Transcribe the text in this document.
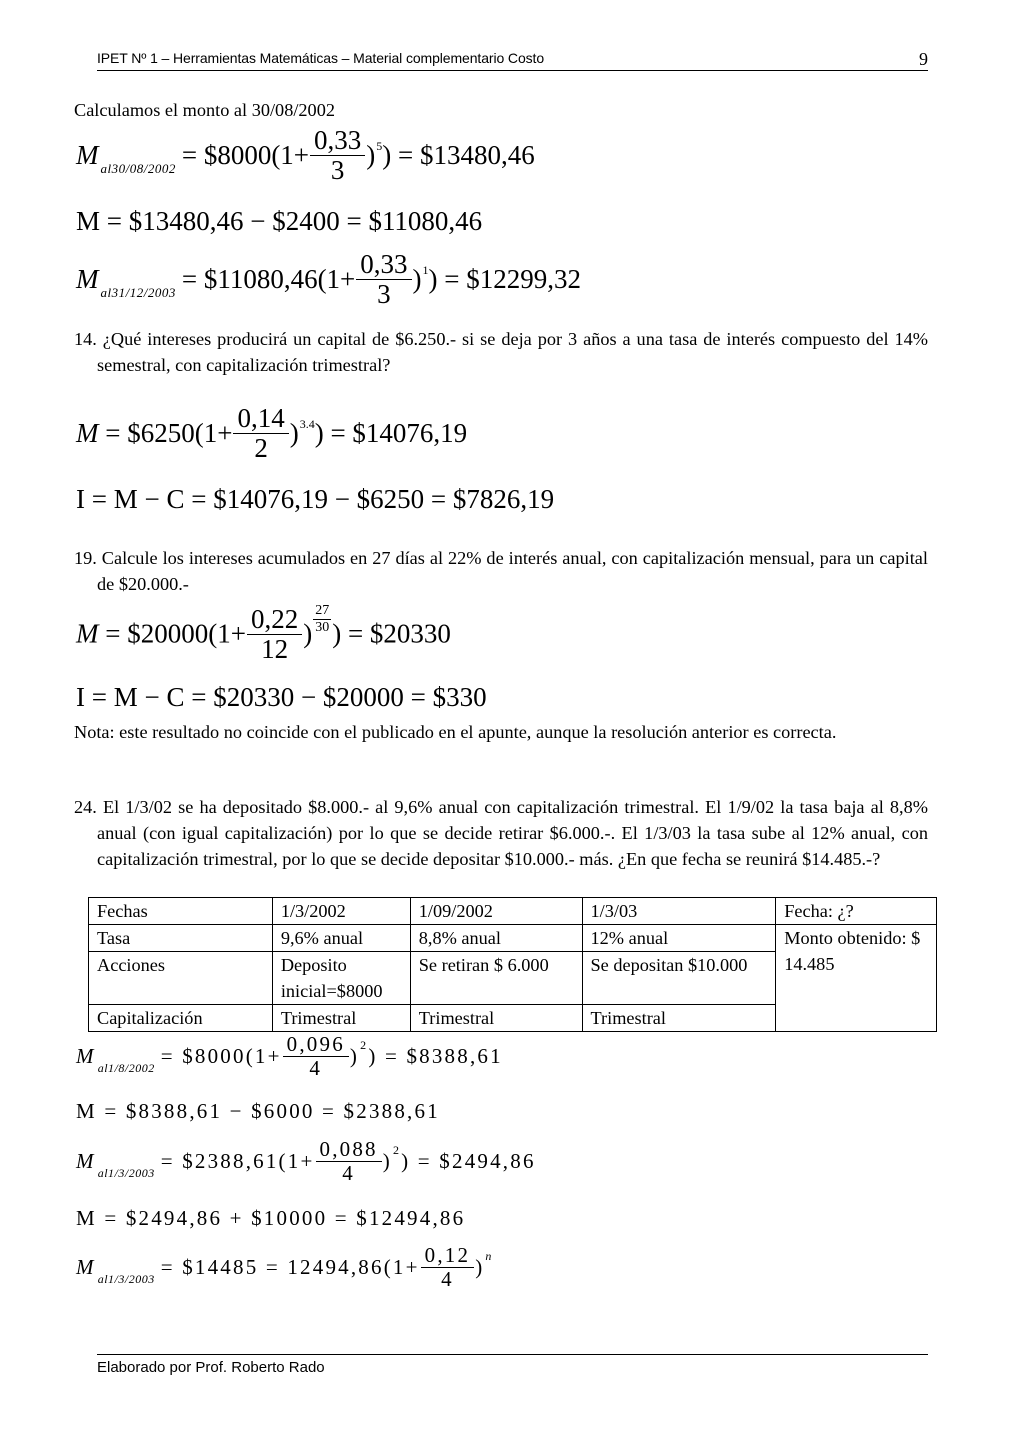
IPET Nº 1 – Herramientas Matemáticas – Material complementario Costo	9
Calculamos el monto al 30/08/2002
M $_{al30/08/2002}$ = $8000(1+ $\frac{0,33}{3} )^5$) = $13480,46
M = $13480,46 − $2400 = $11080,46
M $_{al31/12/2003}$ = $11080,46(1+ $\frac{0,33}{3} )^1$) = $12299,32
14. ¿Qué intereses producirá un capital de $6.250.- si se deja por 3 años a una tasa de interés compuesto del 14% semestral, con capitalización trimestral?
M = $6250(1+ $\frac{0,14}{2} )^{3.4}$) = $14076,19
I = M − C = $14076,19 − $6250 = $7826,19
19. Calcule los intereses acumulados en 27 días al 22% de interés anual, con capitalización mensual, para un capital de $20.000.-
M = $20000(1+ $\frac{0,22}{12}$ ) $\frac{27}{30}$ ) = $20330
I = M − C = $20330 − $20000 = $330
Nota: este resultado no coincide con el publicado en el apunte, aunque la resolución anterior es correcta.
24. El 1/3/02 se ha depositado $8.000.- al 9,6% anual con capitalización trimestral. El 1/9/02 la tasa baja al 8,8% anual (con igual capitalización) por lo que se decide retirar $6.000.-. El 1/3/03 la tasa sube al 12% anual, con capitalización trimestral, por lo que se decide depositar $10.000.- más. ¿En que fecha se reunirá $14.485.-?
Fechas	1/3/2002	1/09/2002	1/3/03	Fecha: ¿?
Tasa	9,6% anual	8,8% anual	12% anual	Monto obtenido: $ 14.485
Acciones	Deposito inicial=$8000	Se retiran $ 6.000	Se depositan $10.000	
Capitalización	Trimestral	Trimestral	Trimestral	
M $_{al1/8/2002}$ = $8000(1+ $\frac{0,096}{4} )^2$) = $8388,61
M = $8388,61 − $6000 = $2388,61
M $_{al1/3/2003}$ = $2388,61(1+ $\frac{0,088}{4} )^2$) = $2494,86
M = $2494,86 + $10000 = $12494,86
M $_{al1/3/2003}$ = $14485 = $12494,86(1+ \frac{0,12}{4} )^n$
Elaborado por Prof. Roberto Rado
